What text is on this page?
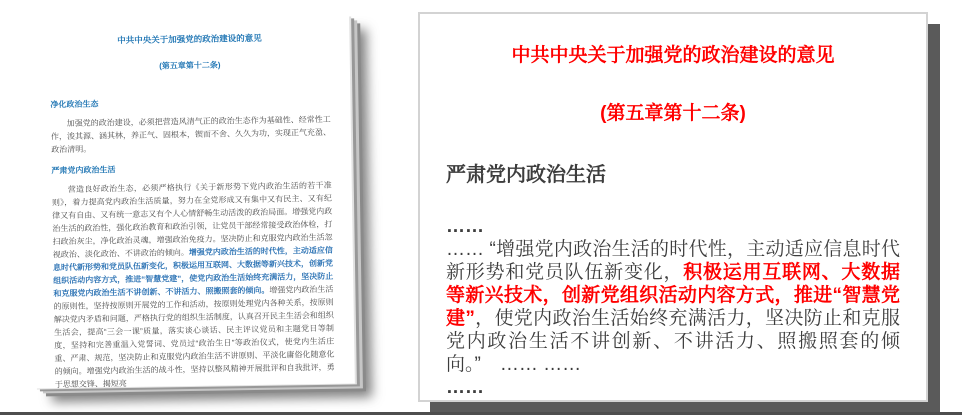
中共中央关于加强党的政治建设的意见
(第五章第十二条)
净化政治生态

加强党的政治建设，必须把营造风清气正的政治生态作为基础性、经常性工作，浚其源、涵其林，养正气、固根本，锲而不舍、久久为功，实现正气充盈、政治清明。

严肃党内政治生活

营造良好政治生态，必须严格执行《关于新形势下党内政治生活的若干准则》，着力提高党内政治生活质量，努力在全党形成又有集中又有民主、又有纪律又有自由、又有统一意志又有个人心情舒畅生动活泼的政治局面。增强党内政治生活的政治性，强化政治教育和政治引领，让党员干部经常接受政治体检，打扫政治灰尘，净化政治灵魂，增强政治免疫力。坚决防止和克服党内政治生活忽视政治、淡化政治、不讲政治的倾向。增强党内政治生活的时代性，主动适应信息时代新形势和党员队伍新变化，积极运用互联网、大数据等新兴技术，创新党组织活动内容方式，推进“智慧党建”，使党内政治生活始终充满活力，坚决防止和克服党内政治生活不讲创新、不讲活力、照搬照套的倾向。增强党内政治生活的原则性，坚持按原则开展党的工作和活动，按原则处理党内各种关系，按原则解决党内矛盾和问题，严格执行党的组织生活制度，认真召开民主生活会和组织生活会，提高“三会一课”质量，落实谈心谈话、民主评议党员和主题党日等制度，坚持和完善重温入党誓词、党员过“政治生日”等政治仪式，使党内生活庄重、严肃、规范，坚决防止和克服党内政治生活不讲原则、平淡化庸俗化随意化的倾向。增强党内政治生活的战斗性，坚持以整风精神开展批评和自我批评，勇于思想交锋、揭短亮

中共中央关于加强党的政治建设的意见
(第五章第十二条)
严肃党内政治生活
……

…… “增强党内政治生活的时代性，主动适应信息时代新形势和党员队伍新变化，积极运用互联网、大数据等新兴技术，创新党组织活动内容方式，推进“智慧党建”，使党内政治生活始终充满活力，坚决防止和克服党内政治生活不讲创新、不讲活力、照搬照套的倾向。”　…… ……

……
